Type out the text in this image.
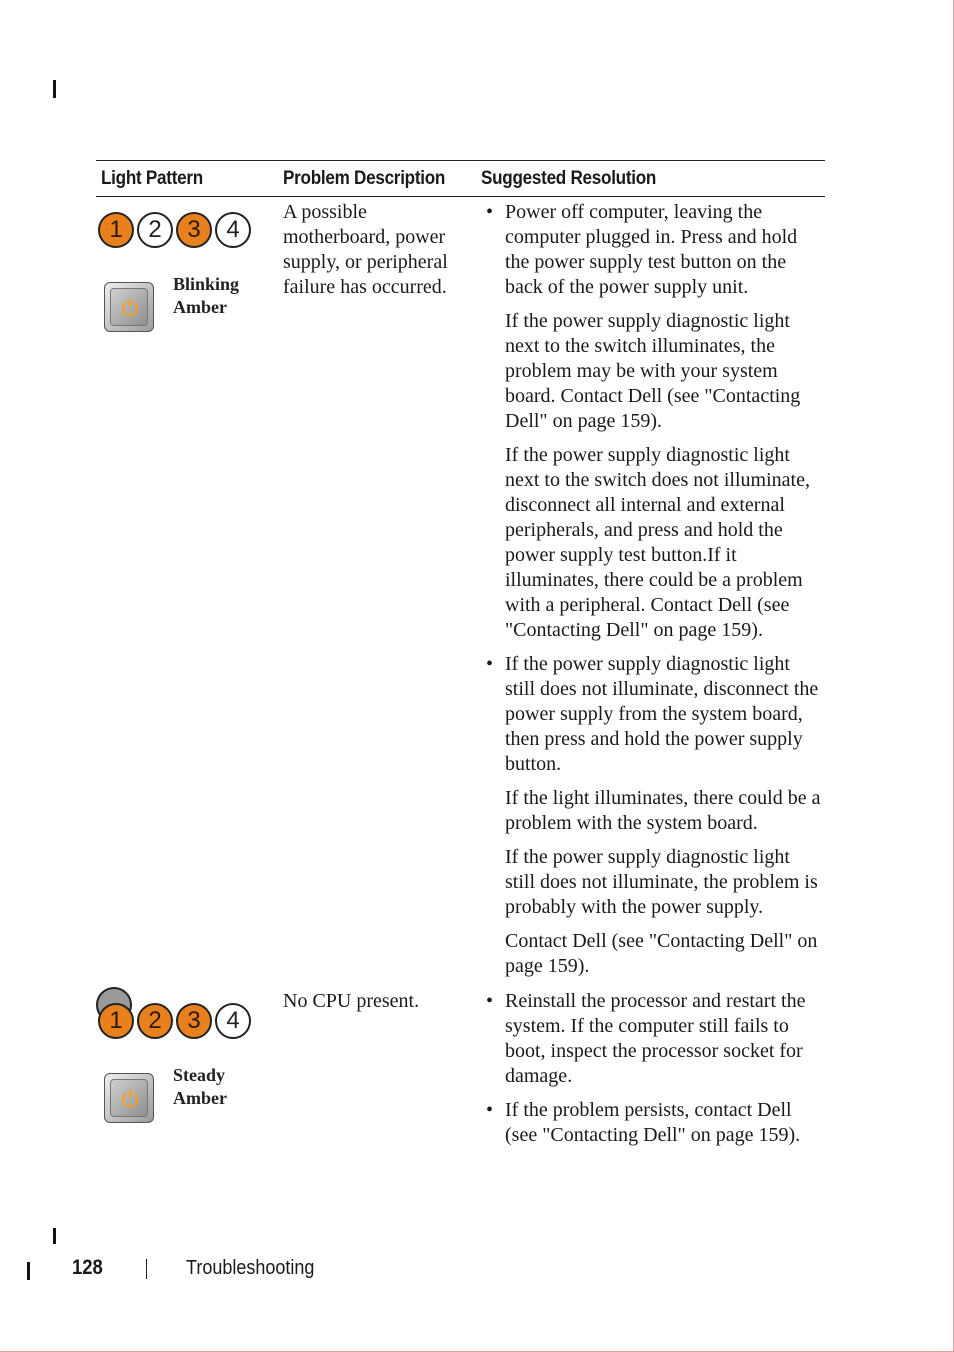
Light Pattern	Problem Description Suggested Resolution
1	2	3	4
Blinking
Amber
A possible motherboard, power supply, or peripheral failure has occurred.

• Power off computer, leaving the computer plugged in. Press and hold the power supply test button on the back of the power supply unit.

If the power supply diagnostic light next to the switch illuminates, the problem may be with your system board. Contact Dell (see "Contacting Dell" on page 159).

If the power supply diagnostic light next to the switch does not illuminate, disconnect all internal and external peripherals, and press and hold the power supply test button.If it illuminates, there could be a problem with a peripheral. Contact Dell (see "Contacting Dell" on page 159).

• If the power supply diagnostic light still does not illuminate, disconnect the power supply from the system board, then press and hold the power supply button.

If the light illuminates, there could be a problem with the system board.

If the power supply diagnostic light still does not illuminate, the problem is probably with the power supply.

Contact Dell (see "Contacting Dell" on page 159).

1	2	3	4
Steady
Amber
No CPU present.

•	Reinstall the processor and restart the system. If the computer still fails to boot, inspect the processor socket for damage.

• If the problem persists, contact Dell (see "Contacting Dell" on page 159).

128	Troubleshooting
